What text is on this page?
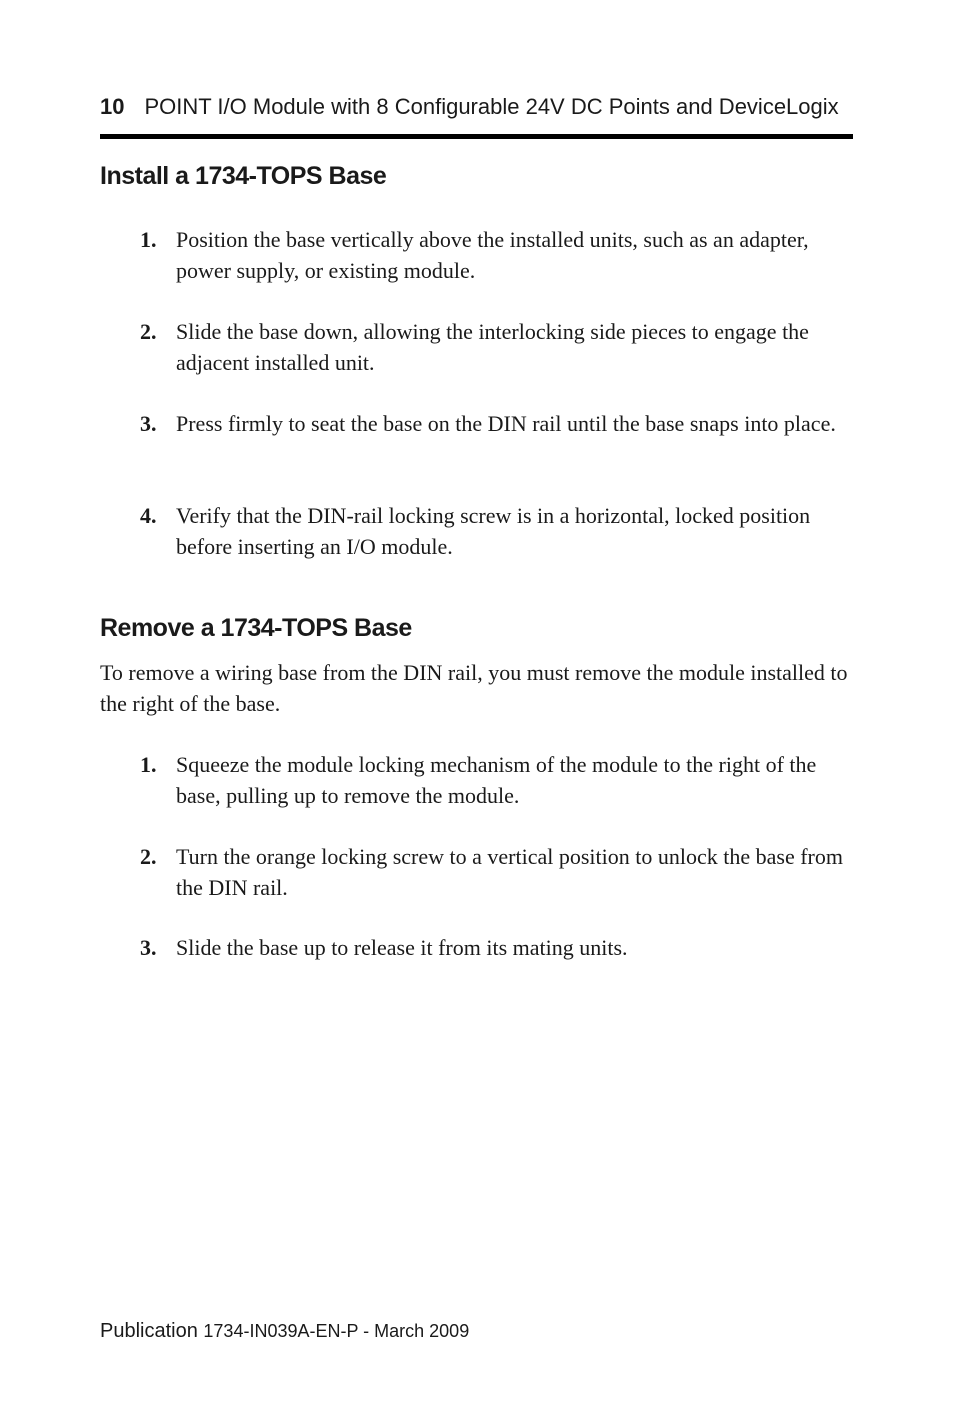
10 POINT I/O Module with 8 Configurable 24V DC Points and DeviceLogix
Install a 1734-TOPS Base
1. Position the base vertically above the installed units, such as an adapter, power supply, or existing module.
2. Slide the base down, allowing the interlocking side pieces to engage the adjacent installed unit.
3. Press firmly to seat the base on the DIN rail until the base snaps into place.
4. Verify that the DIN-rail locking screw is in a horizontal, locked position before inserting an I/O module.
Remove a 1734-TOPS Base
To remove a wiring base from the DIN rail, you must remove the module installed to the right of the base.
1. Squeeze the module locking mechanism of the module to the right of the base, pulling up to remove the module.
2. Turn the orange locking screw to a vertical position to unlock the base from the DIN rail.
3. Slide the base up to release it from its mating units.
Publication 1734-IN039A-EN-P - March 2009
